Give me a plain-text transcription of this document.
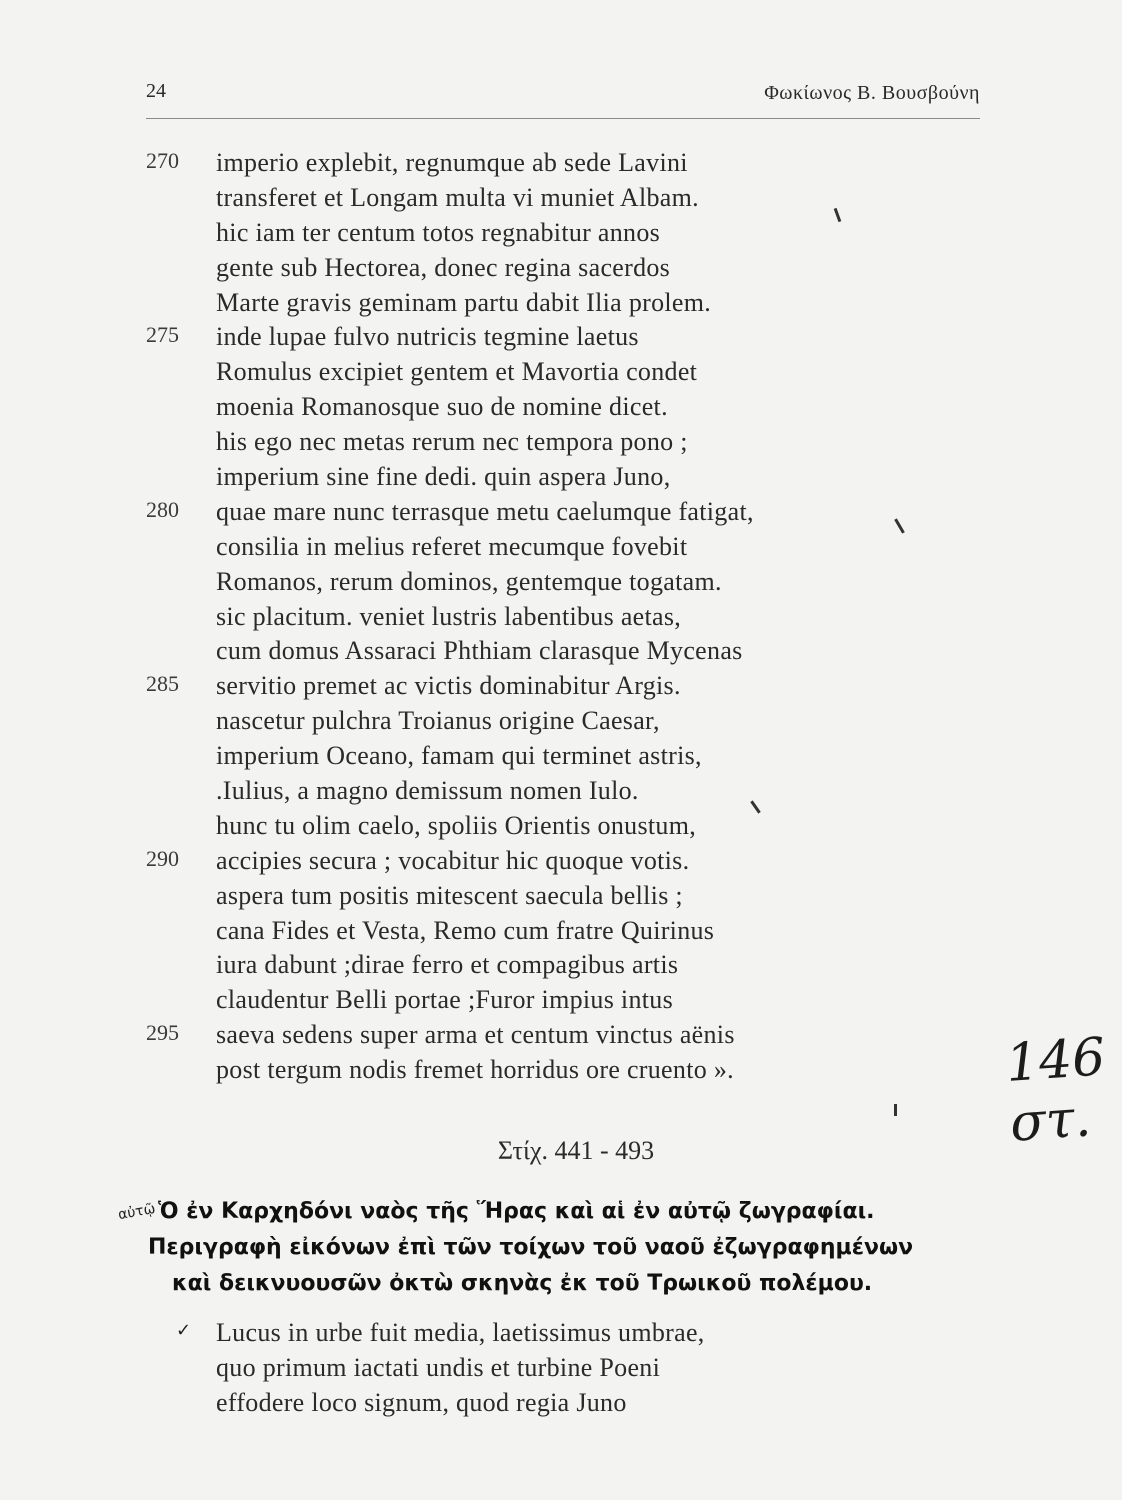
24	Φωκίωνος Β. Βουσβούνη
270	imperio explebit, regnumque ab sede Lavini
transferet et Longam multa vi muniet Albam.
hic iam ter centum totos regnabitur annos
gente sub Hectorea, donec regina sacerdos
Marte gravis geminam partu dabit Ilia prolem.
275	inde lupae fulvo nutricis tegmine laetus
Romulus excipiet gentem et Mavortia condet
moenia Romanosque suo de nomine dicet.
his ego nec metas rerum nec tempora pono ;
imperium sine fine dedi. quin aspera Juno,
280	quae mare nunc terrasque metu caelumque fatigat,
consilia in melius referet mecumque fovebit
Romanos, rerum dominos, gentemque togatam.
sic placitum. veniet lustris labentibus aetas,
cum domus Assaraci Phthiam clarasque Mycenas
285	servitio premet ac victis dominabitur Argis.
nascetur pulchra Troianus origine Caesar,
imperium Oceano, famam qui terminet astris,
.Iulius, a magno demissum nomen Iulo.
hunc tu olim caelo, spoliis Orientis onustum,
290	accipies secura ; vocabitur hic quoque votis.
aspera tum positis mitescent saecula bellis ;
cana Fides et Vesta, Remo cum fratre Quirinus
iura dabunt ;dirae ferro et compagibus artis
claudentur Belli portae ;Furor impius intus
295	saeva sedens super arma et centum vinctus aënis
post tergum nodis fremet horridus ore cruento ».
Στίχ. 441 - 493
Ὁ ἐν Καρχηδόνι ναὸς τῆς Ἥρας καὶ αἱ ἐν αὐτῷ ζωγραφίαι.
Περιγραφὴ εἰκόνων ἐπὶ τῶν τοίχων τοῦ ναοῦ ἐζωγραφημένων
καὶ δεικνυουσῶν ὀκτὼ σκηνὰς ἐκ τοῦ Τρωικοῦ πολέμου.
Lucus in urbe fuit media, laetissimus umbrae,
quo primum iactati undis et turbine Poeni
effodere loco signum, quod regia Juno
αὐτῷ
✓
146 στ.
